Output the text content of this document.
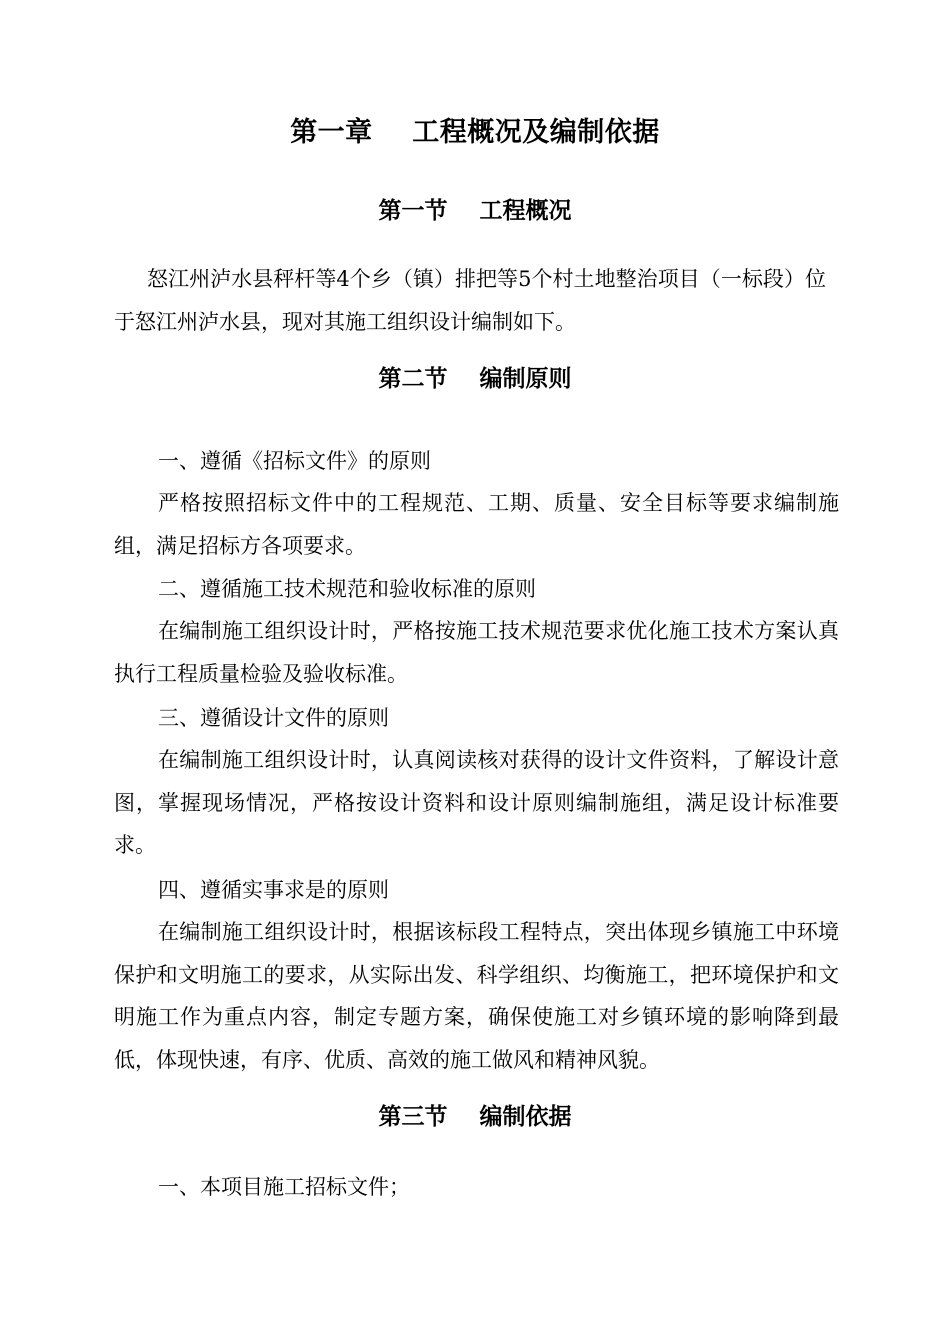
第一章    工程概况及编制依据
第一节    工程概况

怒江州泸水县秤杆等4个乡（镇）排把等5个村土地整治项目（一标段）位于怒江州泸水县，现对其施工组织设计编制如下。

第二节    编制原则

一、遵循《招标文件》的原则

严格按照招标文件中的工程规范、工期、质量、安全目标等要求编制施组，满足招标方各项要求。

二、遵循施工技术规范和验收标准的原则

在编制施工组织设计时，严格按施工技术规范要求优化施工技术方案认真执行工程质量检验及验收标准。

三、遵循设计文件的原则

在编制施工组织设计时，认真阅读核对获得的设计文件资料，了解设计意图，掌握现场情况，严格按设计资料和设计原则编制施组，满足设计标准要求。

四、遵循实事求是的原则

在编制施工组织设计时，根据该标段工程特点，突出体现乡镇施工中环境保护和文明施工的要求，从实际出发、科学组织、均衡施工，把环境保护和文明施工作为重点内容，制定专题方案，确保使施工对乡镇环境的影响降到最低，体现快速，有序、优质、高效的施工做风和精神风貌。

第三节    编制依据

一、本项目施工招标文件；
